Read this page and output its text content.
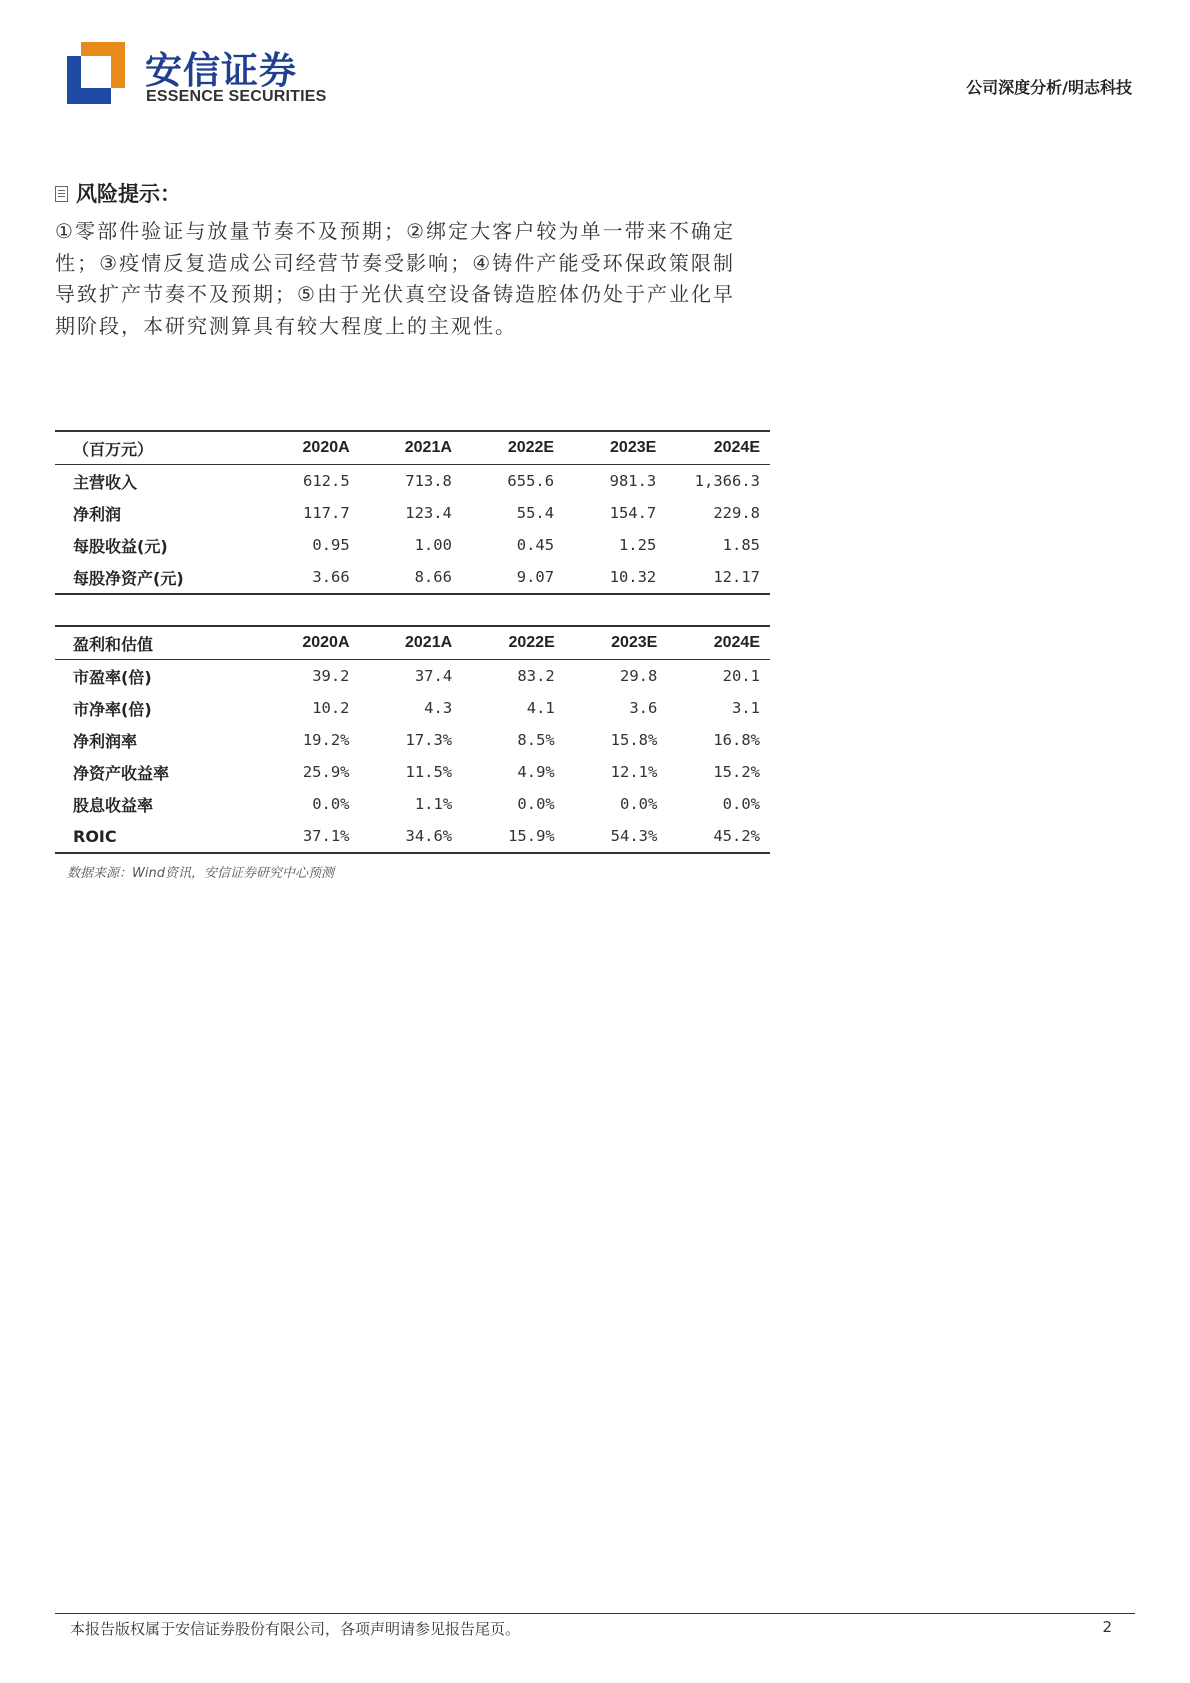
安信证券
ESSENCE SECURITIES	公司深度分析/明志科技
风险提示：
①零部件验证与放量节奏不及预期；②绑定大客户较为单一带来不确定性；③疫情反复造成公司经营节奏受影响；④铸件产能受环保政策限制导致扩产节奏不及预期；⑤由于光伏真空设备铸造腔体仍处于产业化早期阶段，本研究测算具有较大程度上的主观性。
（百万元）	2020A	2021A	2022E	2023E	2024E
主营收入	612.5	713.8	655.6	981.3	1,366.3
净利润	117.7	123.4	55.4	154.7	229.8
每股收益(元)	0.95	1.00	0.45	1.25	1.85
每股净资产(元)	3.66	8.66	9.07	10.32	12.17
盈利和估值	2020A	2021A	2022E	2023E	2024E
市盈率(倍)	39.2	37.4	83.2	29.8	20.1
市净率(倍)	10.2	4.3	4.1	3.6	3.1
净利润率	19.2%	17.3%	8.5%	15.8%	16.8%
净资产收益率	25.9%	11.5%	4.9%	12.1%	15.2%
股息收益率	0.0%	1.1%	0.0%	0.0%	0.0%
ROIC	37.1%	34.6%	15.9%	54.3%	45.2%
数据来源：Wind资讯，安信证券研究中心预测
本报告版权属于安信证券股份有限公司，各项声明请参见报告尾页。	2
